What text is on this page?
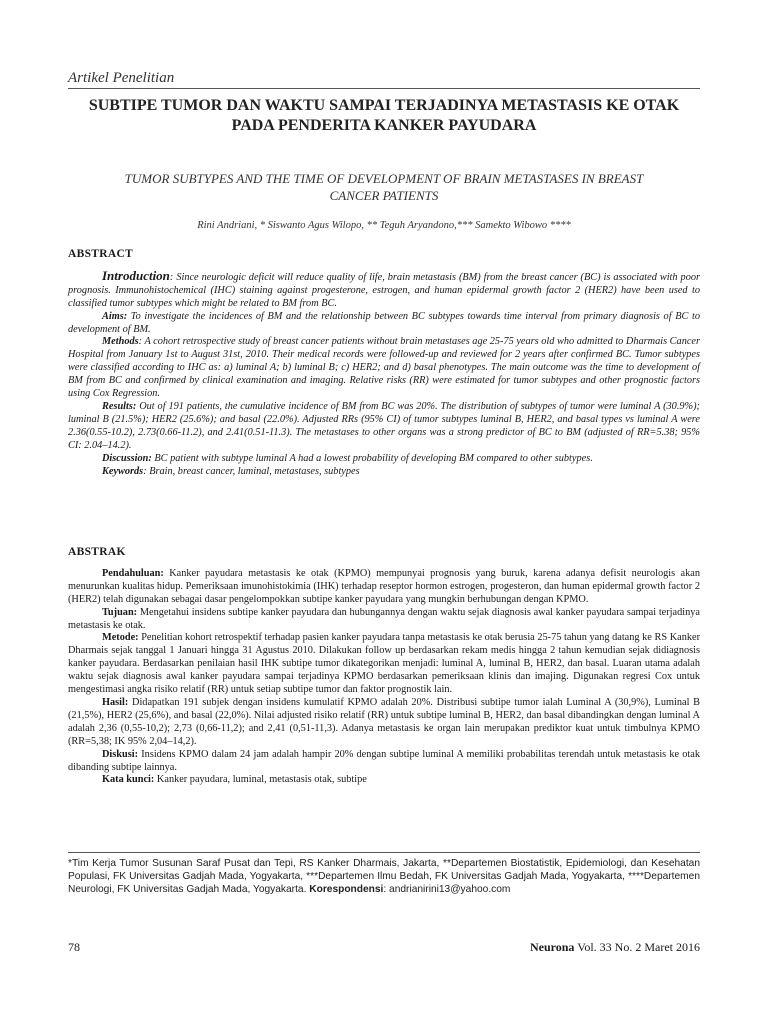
Artikel Penelitian
SUBTIPE TUMOR DAN WAKTU SAMPAI TERJADINYA METASTASIS KE OTAK PADA PENDERITA KANKER PAYUDARA
TUMOR SUBTYPES AND THE TIME OF DEVELOPMENT OF BRAIN METASTASES IN BREAST CANCER PATIENTS
Rini Andriani, * Siswanto Agus Wilopo, ** Teguh Aryandono,*** Samekto Wibowo ****
ABSTRACT

Introduction: Since neurologic deficit will reduce quality of life, brain metastasis (BM) from the breast cancer (BC) is associated with poor prognosis. Immunohistochemical (IHC) staining against progesterone, estrogen, and human epidermal growth factor 2 (HER2) have been used to classified tumor subtypes which might be related to BM from BC.

Aims: To investigate the incidences of BM and the relationship between BC subtypes towards time interval from primary diagnosis of BC to development of BM.

Methods: A cohort retrospective study of breast cancer patients without brain metastases age 25-75 years old who admitted to Dharmais Cancer Hospital from January 1st to August 31st, 2010. Their medical records were followed-up and reviewed for 2 years after confirmed BC. Tumor subtypes were classified according to IHC as: a) luminal A; b) luminal B; c) HER2; and d) basal phenotypes. The main outcome was the time to development of BM from BC and confirmed by clinical examination and imaging. Relative risks (RR) were estimated for tumor subtypes and other prognostic factors using Cox Regression.

Results: Out of 191 patients, the cumulative incidence of BM from BC was 20%. The distribution of subtypes of tumor were luminal A (30.9%); luminal B (21.5%); HER2 (25.6%); and basal (22.0%). Adjusted RRs (95% CI) of tumor subtypes luminal B, HER2, and basal types vs luminal A were 2.36(0.55-10.2), 2.73(0.66-11.2), and 2.41(0.51-11.3). The metastases to other organs was a strong predictor of BC to BM (adjusted of RR=5.38; 95% CI: 2.04–14.2).

Discussion: BC patient with subtype luminal A had a lowest probability of developing BM compared to other subtypes.

Keywords: Brain, breast cancer, luminal, metastases, subtypes

ABSTRAK

Pendahuluan: Kanker payudara metastasis ke otak (KPMO) mempunyai prognosis yang buruk, karena adanya defisit neurologis akan menurunkan kualitas hidup. Pemeriksaan imunohistokimia (IHK) terhadap reseptor hormon estrogen, progesteron, dan human epidermal growth factor 2 (HER2) telah digunakan sebagai dasar pengelompokkan subtipe kanker payudara yang mungkin berhubungan dengan KPMO.

Tujuan: Mengetahui insidens subtipe kanker payudara dan hubungannya dengan waktu sejak diagnosis awal kanker payudara sampai terjadinya metastasis ke otak.

Metode: Penelitian kohort retrospektif terhadap pasien kanker payudara tanpa metastasis ke otak berusia 25-75 tahun yang datang ke RS Kanker Dharmais sejak tanggal 1 Januari hingga 31 Agustus 2010. Dilakukan follow up berdasarkan rekam medis hingga 2 tahun kemudian sejak didiagnosis kanker payudara. Berdasarkan penilaian hasil IHK subtipe tumor dikategorikan menjadi: luminal A, luminal B, HER2, dan basal. Luaran utama adalah waktu sejak diagnosis awal kanker payudara sampai terjadinya KPMO berdasarkan pemeriksaan klinis dan imajing. Digunakan regresi Cox untuk mengestimasi angka risiko relatif (RR) untuk setiap subtipe tumor dan faktor prognostik lain.

Hasil: Didapatkan 191 subjek dengan insidens kumulatif KPMO adalah 20%. Distribusi subtipe tumor ialah Luminal A (30,9%), Luminal B (21,5%), HER2 (25,6%), and basal (22,0%). Nilai adjusted risiko relatif (RR) untuk subtipe luminal B, HER2, dan basal dibandingkan dengan luminal A adalah 2,36 (0,55-10,2); 2,73 (0,66-11,2); and 2,41 (0,51-11,3). Adanya metastasis ke organ lain merupakan prediktor kuat untuk timbulnya KPMO (RR=5,38; IK 95% 2,04–14,2).

Diskusi: Insidens KPMO dalam 24 jam adalah hampir 20% dengan subtipe luminal A memiliki probabilitas terendah untuk metastasis ke otak dibanding subtipe lainnya.

Kata kunci: Kanker payudara, luminal, metastasis otak, subtipe

*Tim Kerja Tumor Susunan Saraf Pusat dan Tepi, RS Kanker Dharmais, Jakarta, **Departemen Biostatistik, Epidemiologi, dan Kesehatan Populasi, FK Universitas Gadjah Mada, Yogyakarta, ***Departemen Ilmu Bedah, FK Universitas Gadjah Mada, Yogyakarta, ****Departemen Neurologi, FK Universitas Gadjah Mada, Yogyakarta. Korespondensi: andrianirini13@yahoo.com
78	Neurona Vol. 33 No. 2 Maret 2016
